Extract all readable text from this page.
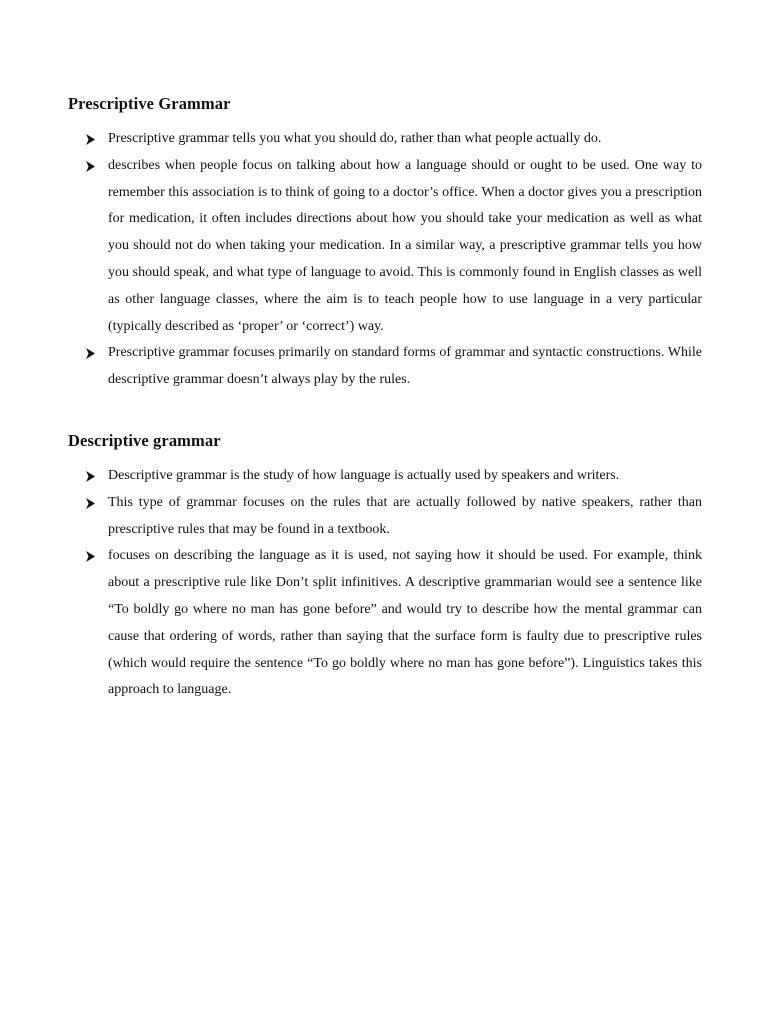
Prescriptive Grammar
Prescriptive grammar tells you what you should do, rather than what people actually do.
describes when people focus on talking about how a language should or ought to be used. One way to remember this association is to think of going to a doctor’s office. When a doctor gives you a prescription for medication, it often includes directions about how you should take your medication as well as what you should not do when taking your medication. In a similar way, a prescriptive grammar tells you how you should speak, and what type of language to avoid. This is commonly found in English classes as well as other language classes, where the aim is to teach people how to use language in a very particular (typically described as ‘proper’ or ‘correct’) way.
Prescriptive grammar focuses primarily on standard forms of grammar and syntactic constructions. While descriptive grammar doesn’t always play by the rules.
Descriptive grammar
Descriptive grammar is the study of how language is actually used by speakers and writers.
This type of grammar focuses on the rules that are actually followed by native speakers, rather than prescriptive rules that may be found in a textbook.
focuses on describing the language as it is used, not saying how it should be used. For example, think about a prescriptive rule like Don’t split infinitives. A descriptive grammarian would see a sentence like “To boldly go where no man has gone before” and would try to describe how the mental grammar can cause that ordering of words, rather than saying that the surface form is faulty due to prescriptive rules (which would require the sentence “To go boldly where no man has gone before”). Linguistics takes this approach to language.
